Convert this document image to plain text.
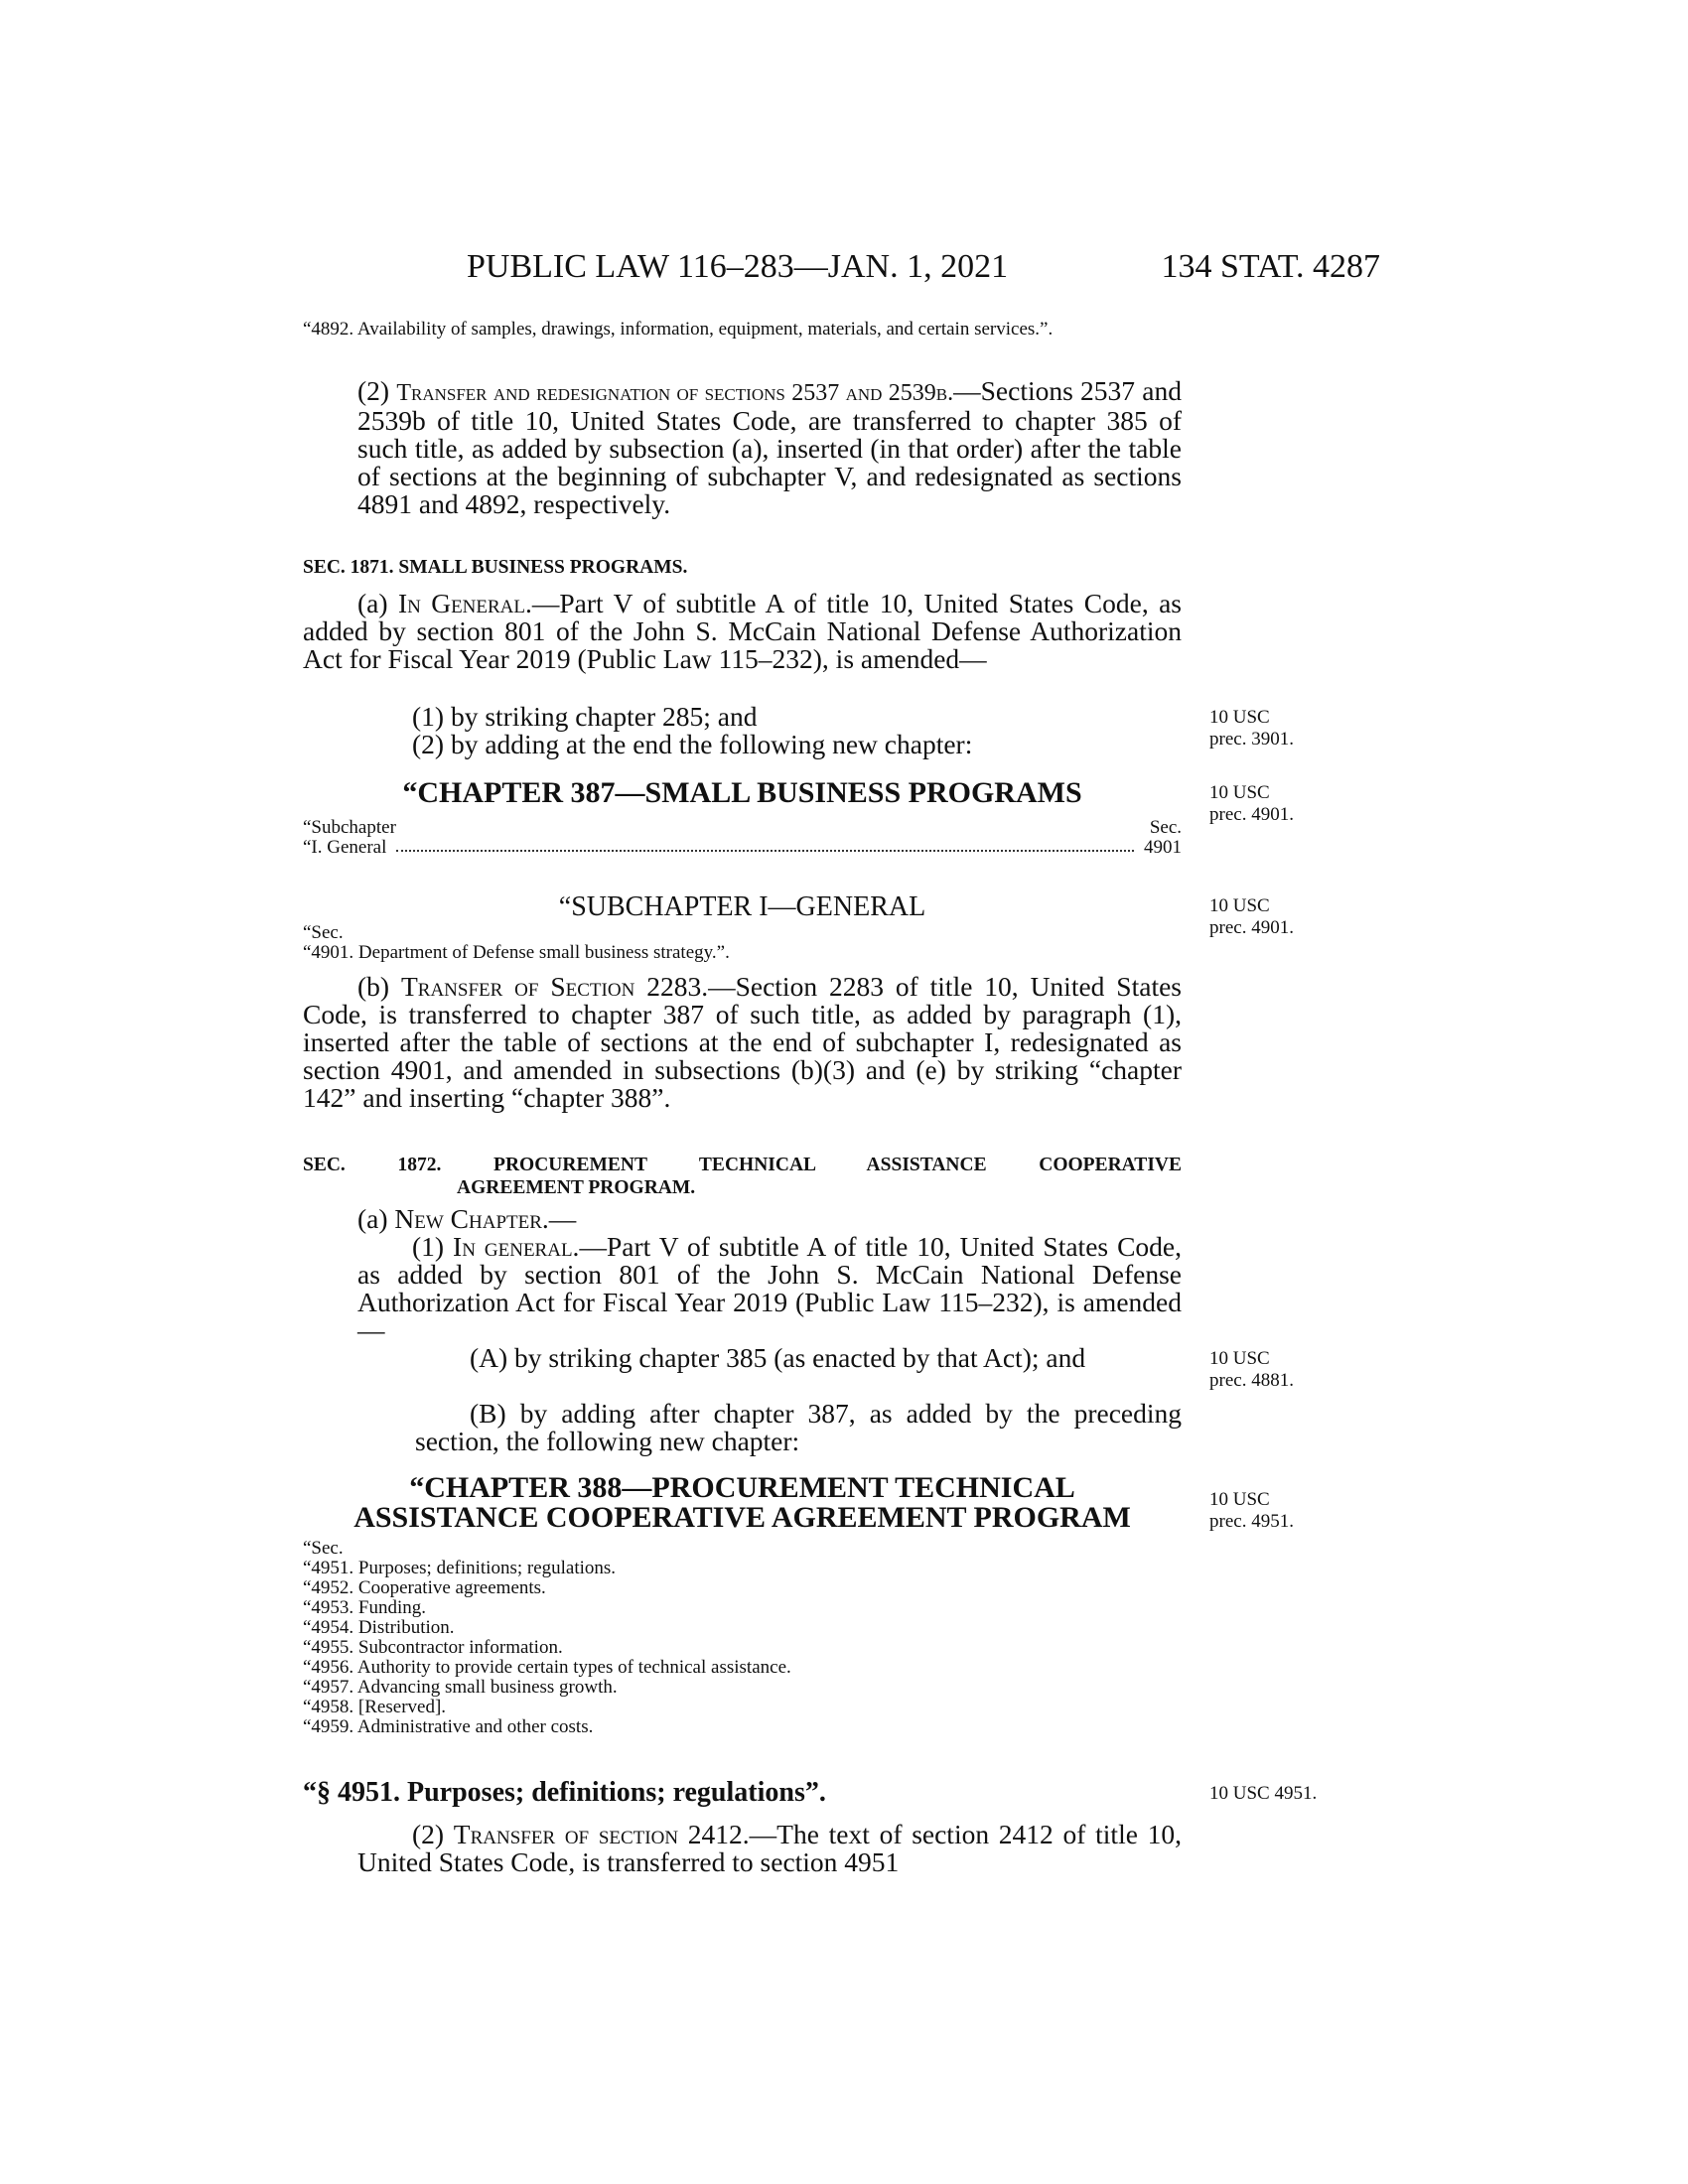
PUBLIC LAW 116–283—JAN. 1, 2021	134 STAT. 4287
“4892. Availability of samples, drawings, information, equipment, materials, and certain services.”.
(2) Transfer and redesignation of sections 2537 and 2539b.—Sections 2537 and 2539b of title 10, United States Code, are transferred to chapter 385 of such title, as added by subsection (a), inserted (in that order) after the table of sections at the beginning of subchapter V, and redesignated as sections 4891 and 4892, respectively.
SEC. 1871. SMALL BUSINESS PROGRAMS.
(a) In General.—Part V of subtitle A of title 10, United States Code, as added by section 801 of the John S. McCain National Defense Authorization Act for Fiscal Year 2019 (Public Law 115–232), is amended—
(1) by striking chapter 285; and
(2) by adding at the end the following new chapter:
10 USC
prec. 3901.
“CHAPTER 387—SMALL BUSINESS PROGRAMS	10 USC
prec. 4901.
“Subchapter	Sec.
“I. General	4901
“SUBCHAPTER I—GENERAL	10 USC
prec. 4901.
“Sec.
“4901. Department of Defense small business strategy.”.
(b) Transfer of Section 2283.—Section 2283 of title 10, United States Code, is transferred to chapter 387 of such title, as added by paragraph (1), inserted after the table of sections at the end of subchapter I, redesignated as section 4901, and amended in subsections (b)(3) and (e) by striking “chapter 142” and inserting “chapter 388”.
SEC. 1872. PROCUREMENT TECHNICAL ASSISTANCE COOPERATIVE
AGREEMENT PROGRAM.
(a) New Chapter.—
(1) In general.—Part V of subtitle A of title 10, United States Code, as added by section 801 of the John S. McCain National Defense Authorization Act for Fiscal Year 2019 (Public Law 115–232), is amended—
(A) by striking chapter 385 (as enacted by that Act); and	10 USC
prec. 4881.
(B) by adding after chapter 387, as added by the preceding section, the following new chapter:
“CHAPTER 388—PROCUREMENT TECHNICAL
ASSISTANCE COOPERATIVE AGREEMENT PROGRAM
10 USC
prec. 4951.
“Sec.
“4951. Purposes; definitions; regulations.
“4952. Cooperative agreements.
“4953. Funding.
“4954. Distribution.
“4955. Subcontractor information.
“4956. Authority to provide certain types of technical assistance.
“4957. Advancing small business growth.
“4958. [Reserved].
“4959. Administrative and other costs.
“§ 4951. Purposes; definitions; regulations”.	10 USC 4951.
(2) Transfer of section 2412.—The text of section 2412 of title 10, United States Code, is transferred to section 4951
